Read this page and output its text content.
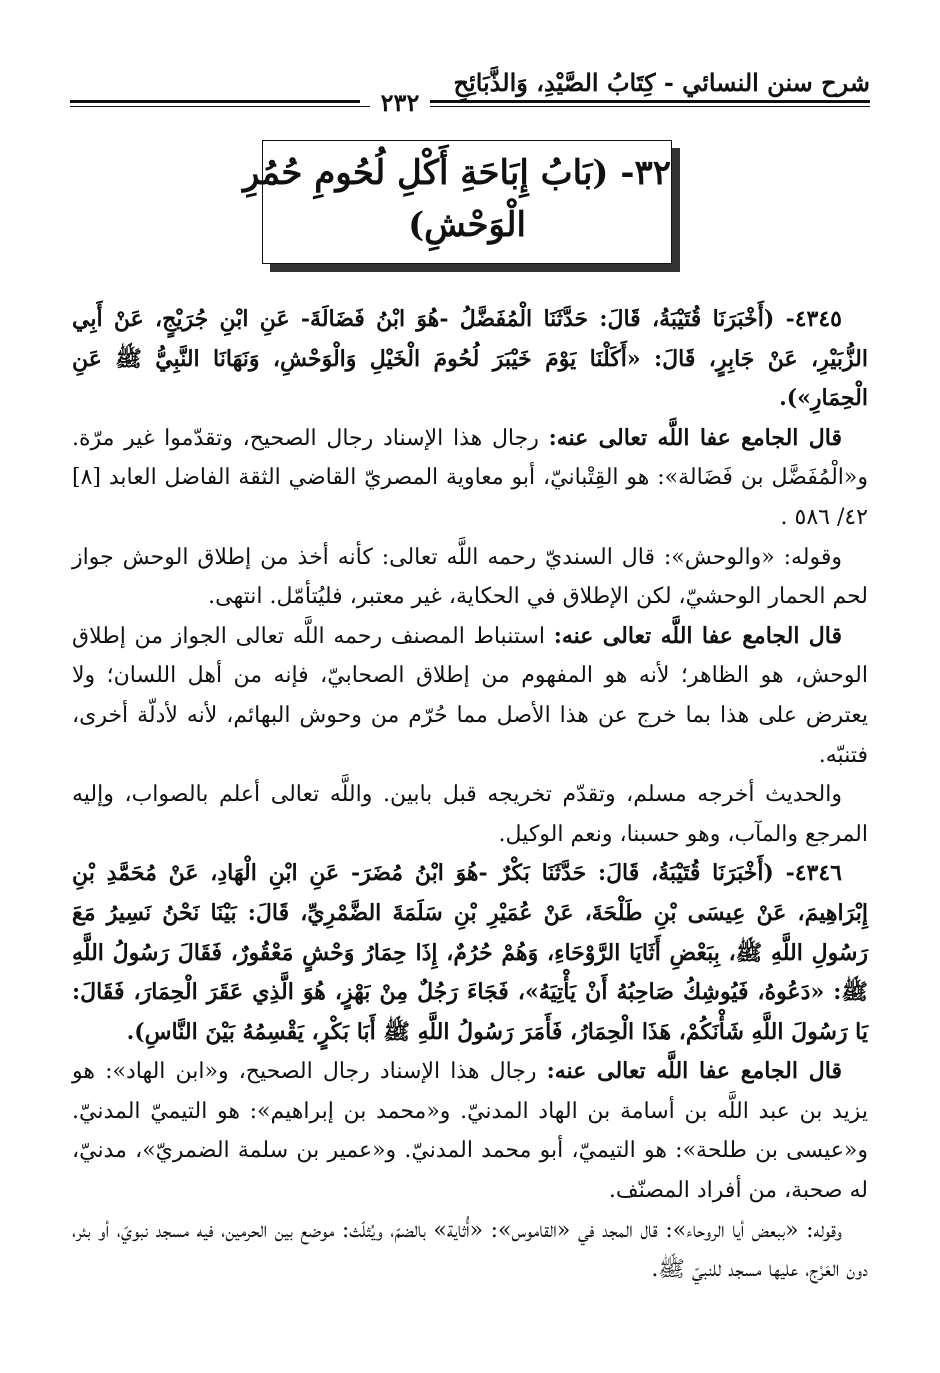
شرح سنن النسائي - كِتَابُ الصَّيْدِ، وَالذَّبَائِحِ
٢٣٢
٣٢- (بَابُ إِبَاحَةِ أَكْلِ لُحُومِ حُمُرِ
الْوَحْشِ)

٤٣٤٥- (أَخْبَرَنَا قُتَيْبَةُ، قَالَ: حَدَّثَنَا الْمُفَضَّلُ -هُوَ ابْنُ فَضَالَةَ- عَنِ ابْنِ جُرَيْجٍ، عَنْ أَبِي الزُّبَيْرِ، عَنْ جَابِرٍ، قَالَ: «أَكَلْنَا يَوْمَ خَيْبَرَ لُحُومَ الْخَيْلِ وَالْوَحْشِ، وَنَهَانَا النَّبِيُّ ﷺ عَنِ الْحِمَارِ»).

قال الجامع عفا اللَّه تعالى عنه: رجال هذا الإسناد رجال الصحيح، وتقدّموا غير مرّة. و«الْمُفَضَّل بن فَضَالة»: هو القِتْبانيّ، أبو معاوية المصريّ القاضي الثقة الفاضل العابد [٨] ٤٢/ ٥٨٦ .

وقوله: «والوحش»: قال السنديّ رحمه اللَّه تعالى: كأنه أخذ من إطلاق الوحش جواز لحم الحمار الوحشيّ، لكن الإطلاق في الحكاية، غير معتبر، فليُتأمّل. انتهى.

قال الجامع عفا اللَّه تعالى عنه: استنباط المصنف رحمه اللَّه تعالى الجواز من إطلاق الوحش، هو الظاهر؛ لأنه هو المفهوم من إطلاق الصحابيّ، فإنه من أهل اللسان؛ ولا يعترض على هذا بما خرج عن هذا الأصل مما حُرّم من وحوش البهائم، لأنه لأدلّة أخرى، فتنبّه.

والحديث أخرجه مسلم، وتقدّم تخريجه قبل بابين. واللَّه تعالى أعلم بالصواب، وإليه المرجع والمآب، وهو حسبنا، ونعم الوكيل.

٤٣٤٦- (أَخْبَرَنَا قُتَيْبَةُ، قَالَ: حَدَّثَنَا بَكْرٌ -هُوَ ابْنُ مُضَرَ- عَنِ ابْنِ الْهَادِ، عَنْ مُحَمَّدِ بْنِ إِبْرَاهِيمَ، عَنْ عِيسَى بْنِ طَلْحَةَ، عَنْ عُمَيْرِ بْنِ سَلَمَةَ الضَّمْرِيِّ، قَالَ: بَيْنَا نَحْنُ نَسِيرُ مَعَ رَسُولِ اللَّهِ ﷺ، بِبَعْضِ أَثَايَا الرَّوْحَاءِ، وَهُمْ حُرُمٌ، إِذَا حِمَارُ وَحْشٍ مَعْقُورٌ، فَقَالَ رَسُولُ اللَّهِ ﷺ: «دَعُوهُ، فَيُوشِكُ صَاحِبُهُ أَنْ يَأْتِيَهُ»، فَجَاءَ رَجُلٌ مِنْ بَهْزٍ، هُوَ الَّذِي عَقَرَ الْحِمَارَ، فَقَالَ: يَا رَسُولَ اللَّهِ شَأْنَكُمْ، هَذَا الْحِمَارُ، فَأَمَرَ رَسُولُ اللَّهِ ﷺ أَبَا بَكْرٍ، يَقْسِمُهُ بَيْنَ النَّاسِ).

قال الجامع عفا اللَّه تعالى عنه: رجال هذا الإسناد رجال الصحيح، و«ابن الهاد»: هو يزيد بن عبد اللَّه بن أسامة بن الهاد المدنيّ. و«محمد بن إبراهيم»: هو التيميّ المدنيّ. و«عيسى بن طلحة»: هو التيميّ، أبو محمد المدنيّ. و«عمير بن سلمة الضمريّ»، مدنيّ، له صحبة، من أفراد المصنّف.

وقوله: «ببعض أيا الروحاء»: قال المجد في «القاموس»: «أُثاية» بالضمّ، ويُثلّث: موضع بين الحرمين، فيه مسجد نبويّ، أو بئر، دون العَرْج، عليها مسجد للنبيّ ﷺ.
